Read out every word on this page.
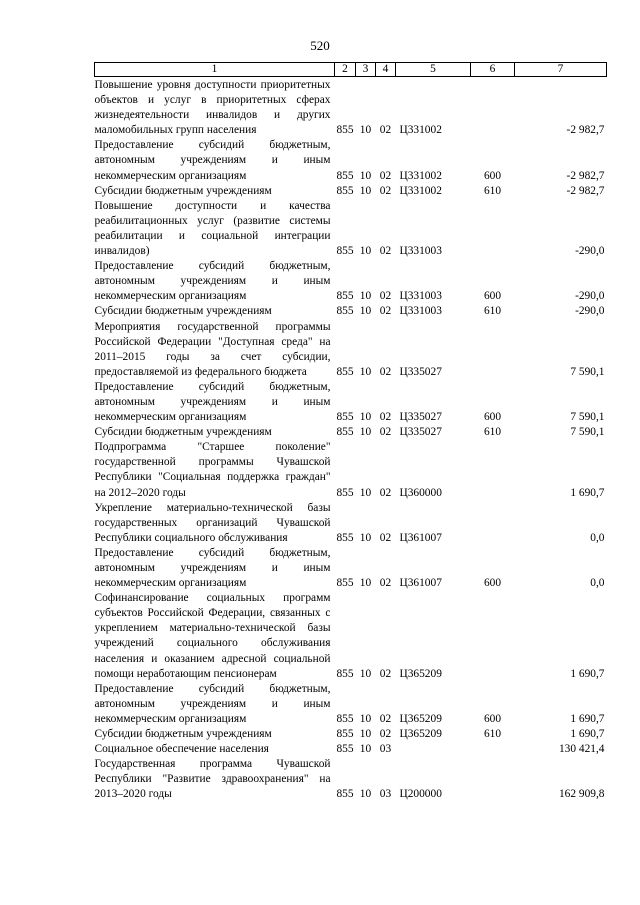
520
1	2	3	4	5	6	7
Повышение уровня доступности приоритетных объектов и услуг в приоритетных сферах жизнедеятельности инвалидов и других маломобильных групп населения	855	10	02	Ц331002		-2 982,7
Предоставление субсидий бюджетным, автономным учреждениям и иным некоммерческим организациям	855	10	02	Ц331002	600	-2 982,7
Субсидии бюджетным учреждениям	855	10	02	Ц331002	610	-2 982,7
Повышение доступности и качества реабилитационных услуг (развитие системы реабилитации и социальной интеграции инвалидов)	855	10	02	Ц331003		-290,0
Предоставление субсидий бюджетным, автономным учреждениям и иным некоммерческим организациям	855	10	02	Ц331003	600	-290,0
Субсидии бюджетным учреждениям	855	10	02	Ц331003	610	-290,0
Мероприятия государственной программы Российской Федерации "Доступная среда" на 2011–2015 годы за счет субсидии, предоставляемой из федерального бюджета	855	10	02	Ц335027		7 590,1
Предоставление субсидий бюджетным, автономным учреждениям и иным некоммерческим организациям	855	10	02	Ц335027	600	7 590,1
Субсидии бюджетным учреждениям	855	10	02	Ц335027	610	7 590,1
Подпрограмма "Старшее поколение" государственной программы Чувашской Республики "Социальная поддержка граждан" на 2012–2020 годы	855	10	02	Ц360000		1 690,7
Укрепление материально-технической базы государственных организаций Чувашской Республики социального обслуживания	855	10	02	Ц361007		0,0
Предоставление субсидий бюджетным, автономным учреждениям и иным некоммерческим организациям	855	10	02	Ц361007	600	0,0
Софинансирование социальных программ субъектов Российской Федерации, связанных с укреплением материально-технической базы учреждений социального обслуживания населения и оказанием адресной социальной помощи неработающим пенсионерам	855	10	02	Ц365209		1 690,7
Предоставление субсидий бюджетным, автономным учреждениям и иным некоммерческим организациям	855	10	02	Ц365209	600	1 690,7
Субсидии бюджетным учреждениям	855	10	02	Ц365209	610	1 690,7
Социальное обеспечение населения	855	10	03			130 421,4
Государственная программа Чувашской Республики "Развитие здравоохранения" на 2013–2020 годы	855	10	03	Ц200000		162 909,8
